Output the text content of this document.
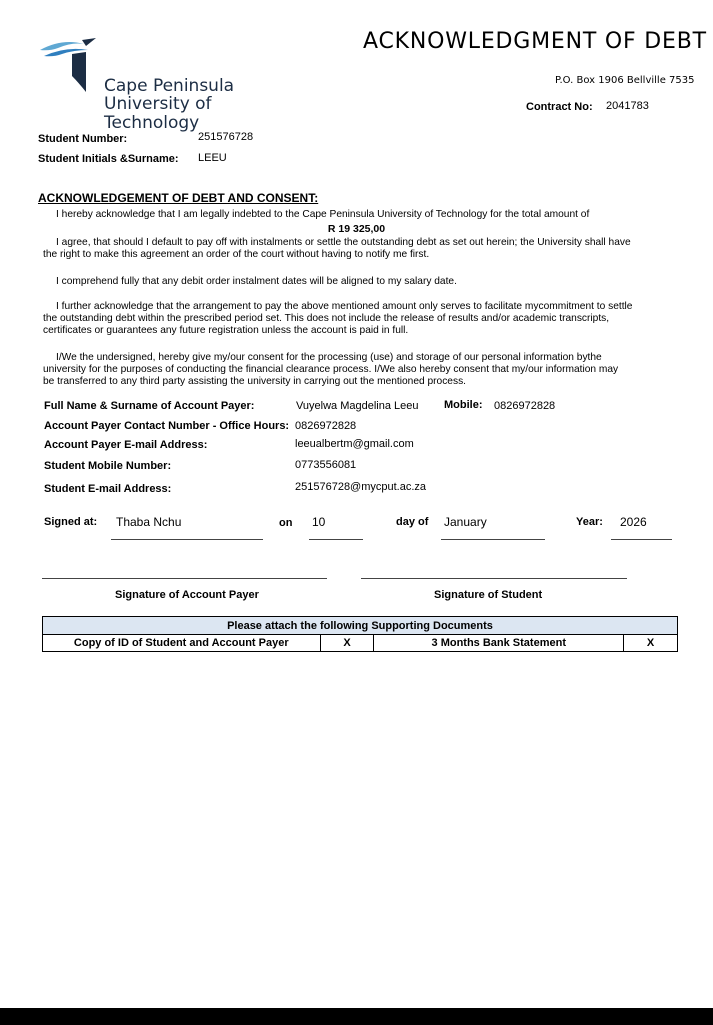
Cape Peninsula
University of Technology
ACKNOWLEDGMENT OF DEBT
P.O. Box 1906 Bellville 7535
Contract No: 2041783
Student Number:	251576728
Student Initials &Surname: LEEU
ACKNOWLEDGEMENT OF DEBT AND CONSENT:
I hereby acknowledge that I am legally indebted to the Cape Peninsula University of Technology for the total amount of
R 19 325,00

I agree, that should I default to pay off with instalments or settle the outstanding debt as set out herein; the University shall have

the right to make this agreement an order of the court without having to notify me first.

I comprehend fully that any debit order instalment dates will be aligned to my salary date.

I further acknowledge that the arrangement to pay the above mentioned amount only serves to facilitate mycommitment to settle

the outstanding debt within the prescribed period set. This does not include the release of results and/or academic transcripts,

certificates or guarantees any future registration unless the account is paid in full.

I/We the undersigned, hereby give my/our consent for the processing (use) and storage of our personal information bythe

university for the purposes of conducting the financial clearance process. I/We also hereby consent that my/our information may

be transferred to any third party assisting the university in carrying out the mentioned process.

Full Name & Surname of Account Payer:	Vuyelwa Magdelina Leeu Mobile: 0826972828
Account Payer Contact Number - Office Hours: 0826972828
Account Payer E-mail Address:	leeualbertm@gmail.com
Student Mobile Number:	0773556081
Student E-mail Address:	251576728@mycput.ac.za
Signed at: Thaba Nchu	on 10	day of January	Year: 2026
Signature of Account Payer	Signature of Student
Please attach the following Supporting Documents
Copy of ID of Student and Account Payer	X	3 Months Bank Statement	X
